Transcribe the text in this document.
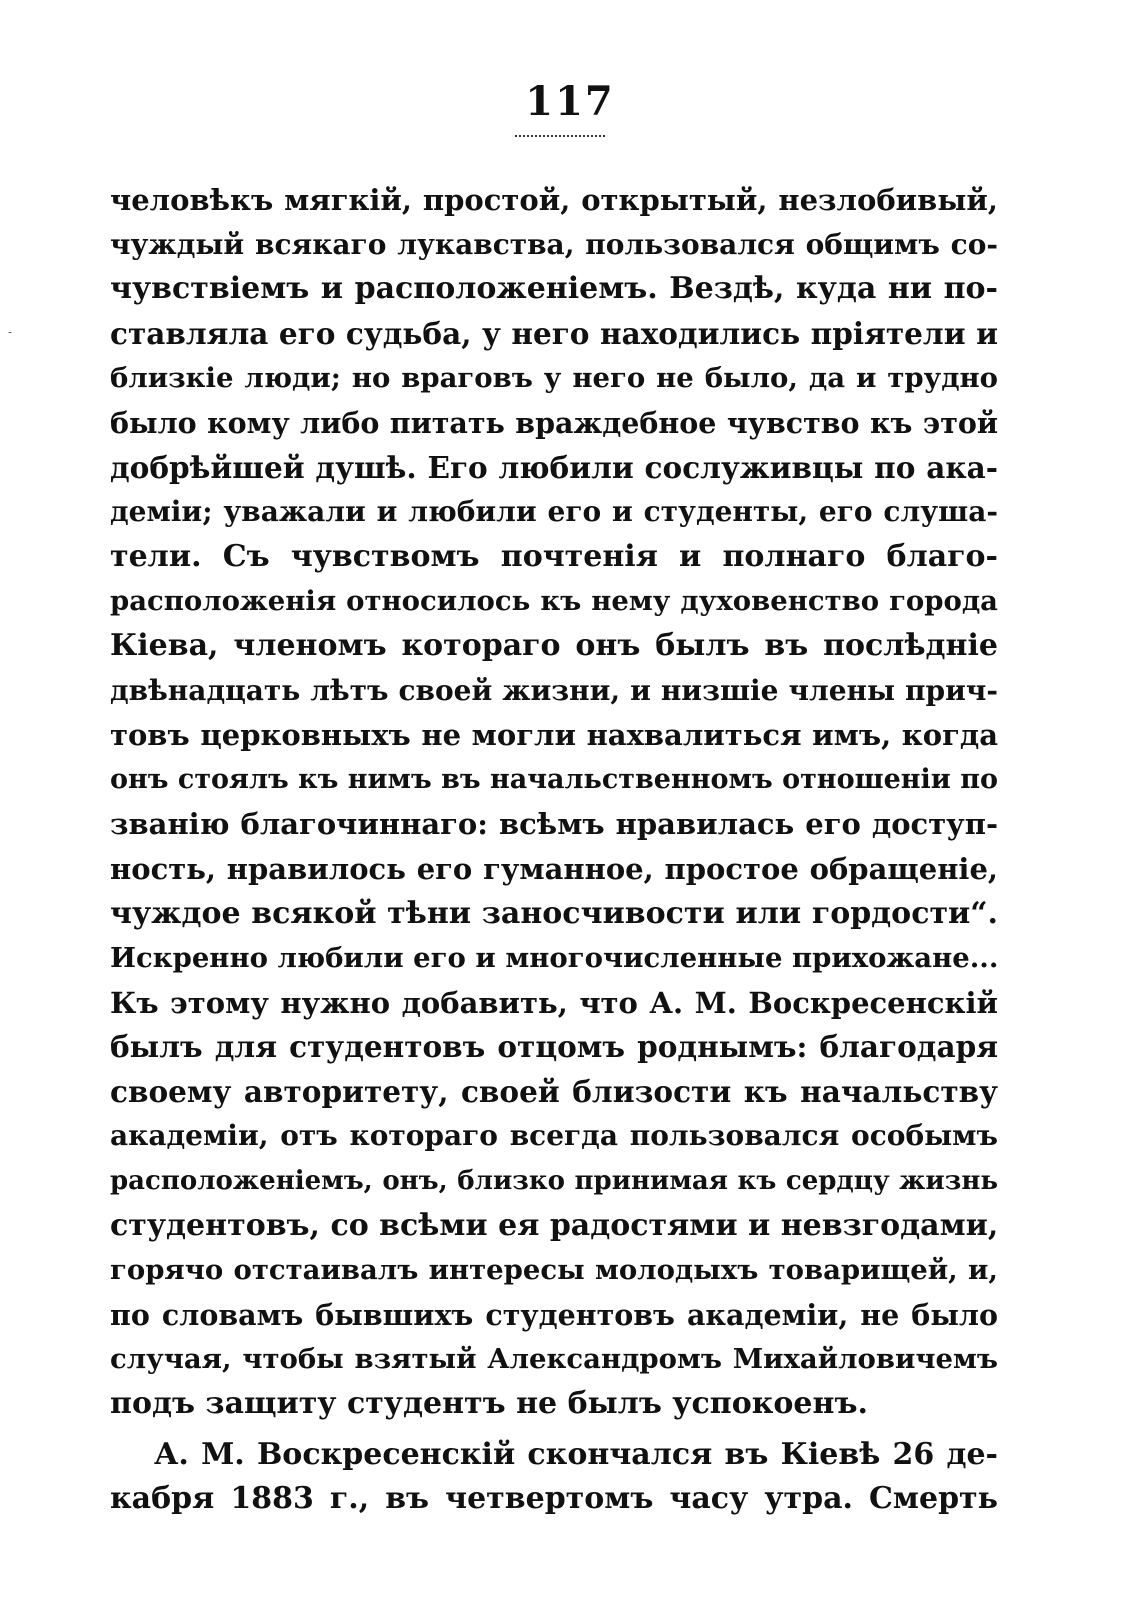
117
‐
человѣкъ мягкій, простой, открытый, незлобивый,
чуждый всякаго лукавства, пользовался общимъ со-
чувствіемъ и расположеніемъ. Вездѣ, куда ни по-
ставляла его судьба, у него находились пріятели и
близкіе люди; но враговъ у него не было, да и трудно
было кому либо питать враждебное чувство къ этой
добрѣйшей душѣ. Его любили сослуживцы по ака-
деміи; уважали и любили его и студенты, его слуша-
тели. Съ чувствомъ почтенія и полнаго благо-
расположенія относилось къ нему духовенство города
Кіева, членомъ котораго онъ былъ въ послѣдніе
двѣнадцать лѣтъ своей жизни, и низшіе члены прич-
товъ церковныхъ не могли нахвалиться имъ, когда
онъ стоялъ къ нимъ въ начальственномъ отношеніи по
званію благочиннаго: всѣмъ нравилась его доступ-
ность, нравилось его гуманное, простое обращеніе,
чуждое всякой тѣни заносчивости или гордости“.
Искренно любили его и многочисленные прихожане...
Къ этому нужно добавить, что А. М. Воскресенскій
былъ для студентовъ отцомъ роднымъ: благодаря
своему авторитету, своей близости къ начальству
академіи, отъ котораго всегда пользовался особымъ
расположеніемъ, онъ, близко принимая къ сердцу жизнь
студентовъ, со всѣми ея радостями и невзгодами,
горячо отстаивалъ интересы молодыхъ товарищей, и,
по словамъ бывшихъ студентовъ академіи, не было
случая, чтобы взятый Александромъ Михайловичемъ
подъ защиту студентъ не былъ успокоенъ.
А. М. Воскресенскій скончался въ Кіевѣ 26 де-
кабря 1883 г., въ четвертомъ часу утра. Смерть
